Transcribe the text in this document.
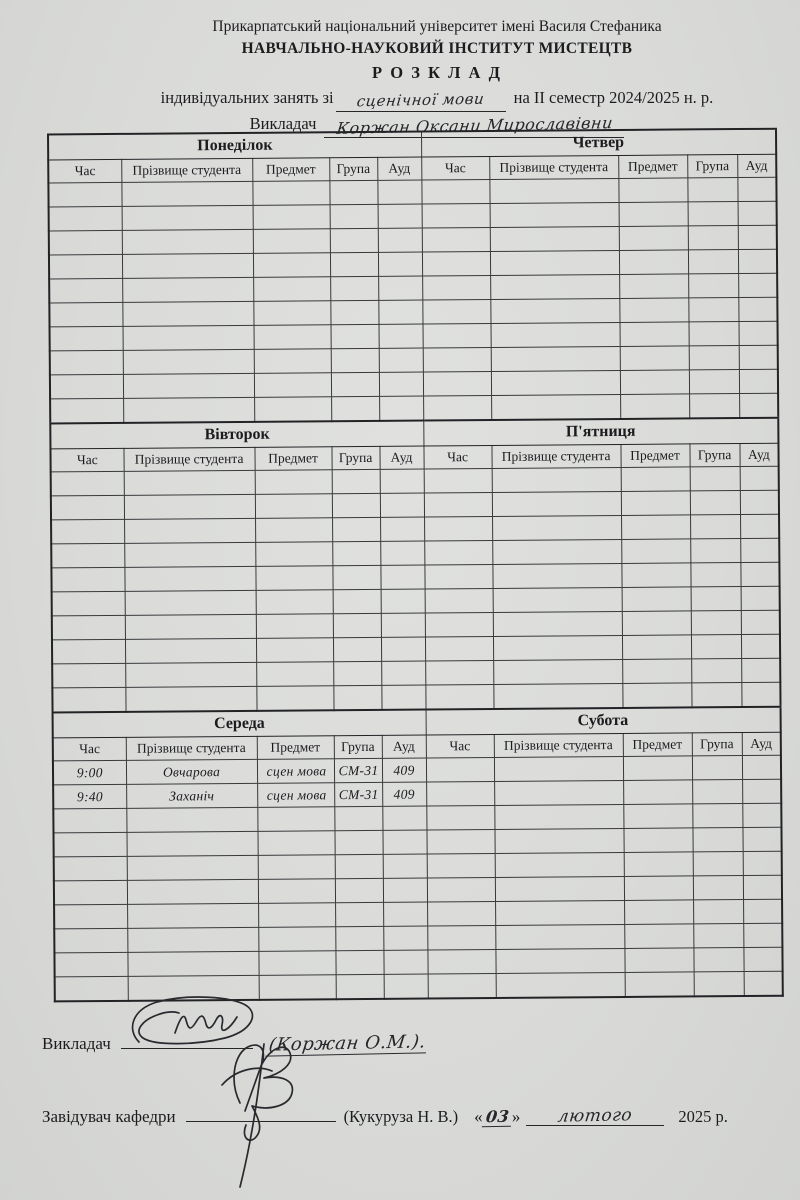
Прикарпатський національний університет імені Василя Стефаника
НАВЧАЛЬНО-НАУКОВИЙ ІНСТИТУТ МИСТЕЦТВ
Р О З К Л А Д
індивідуальних занять зі сценічної мови на ІІ семестр 2024/2025 н. р.
Викладач Коржан Оксани Мирославівни
Понеділок					Четвер				
Час	Прізвище студента	Предмет	Група	Ауд	Час	Прізвище студента	Предмет	Група	Ауд

Вівторок					П'ятниця				
Час	Прізвище студента	Предмет	Група	Ауд	Час	Прізвище студента	Предмет	Група	Ауд

Середа					Субота				
Час	Прізвище студента	Предмет	Група	Ауд	Час	Прізвище студента	Предмет	Група	Ауд
9:00	Овчарова	сцен мова	СМ-31	409					
9:40	Заханіч	сцен мова	СМ-31	409					

Викладач	(Коржан О.М.).
Завідувач кафедри	(Кукуруза Н. В.) « 03 » лютого	2025 р.
